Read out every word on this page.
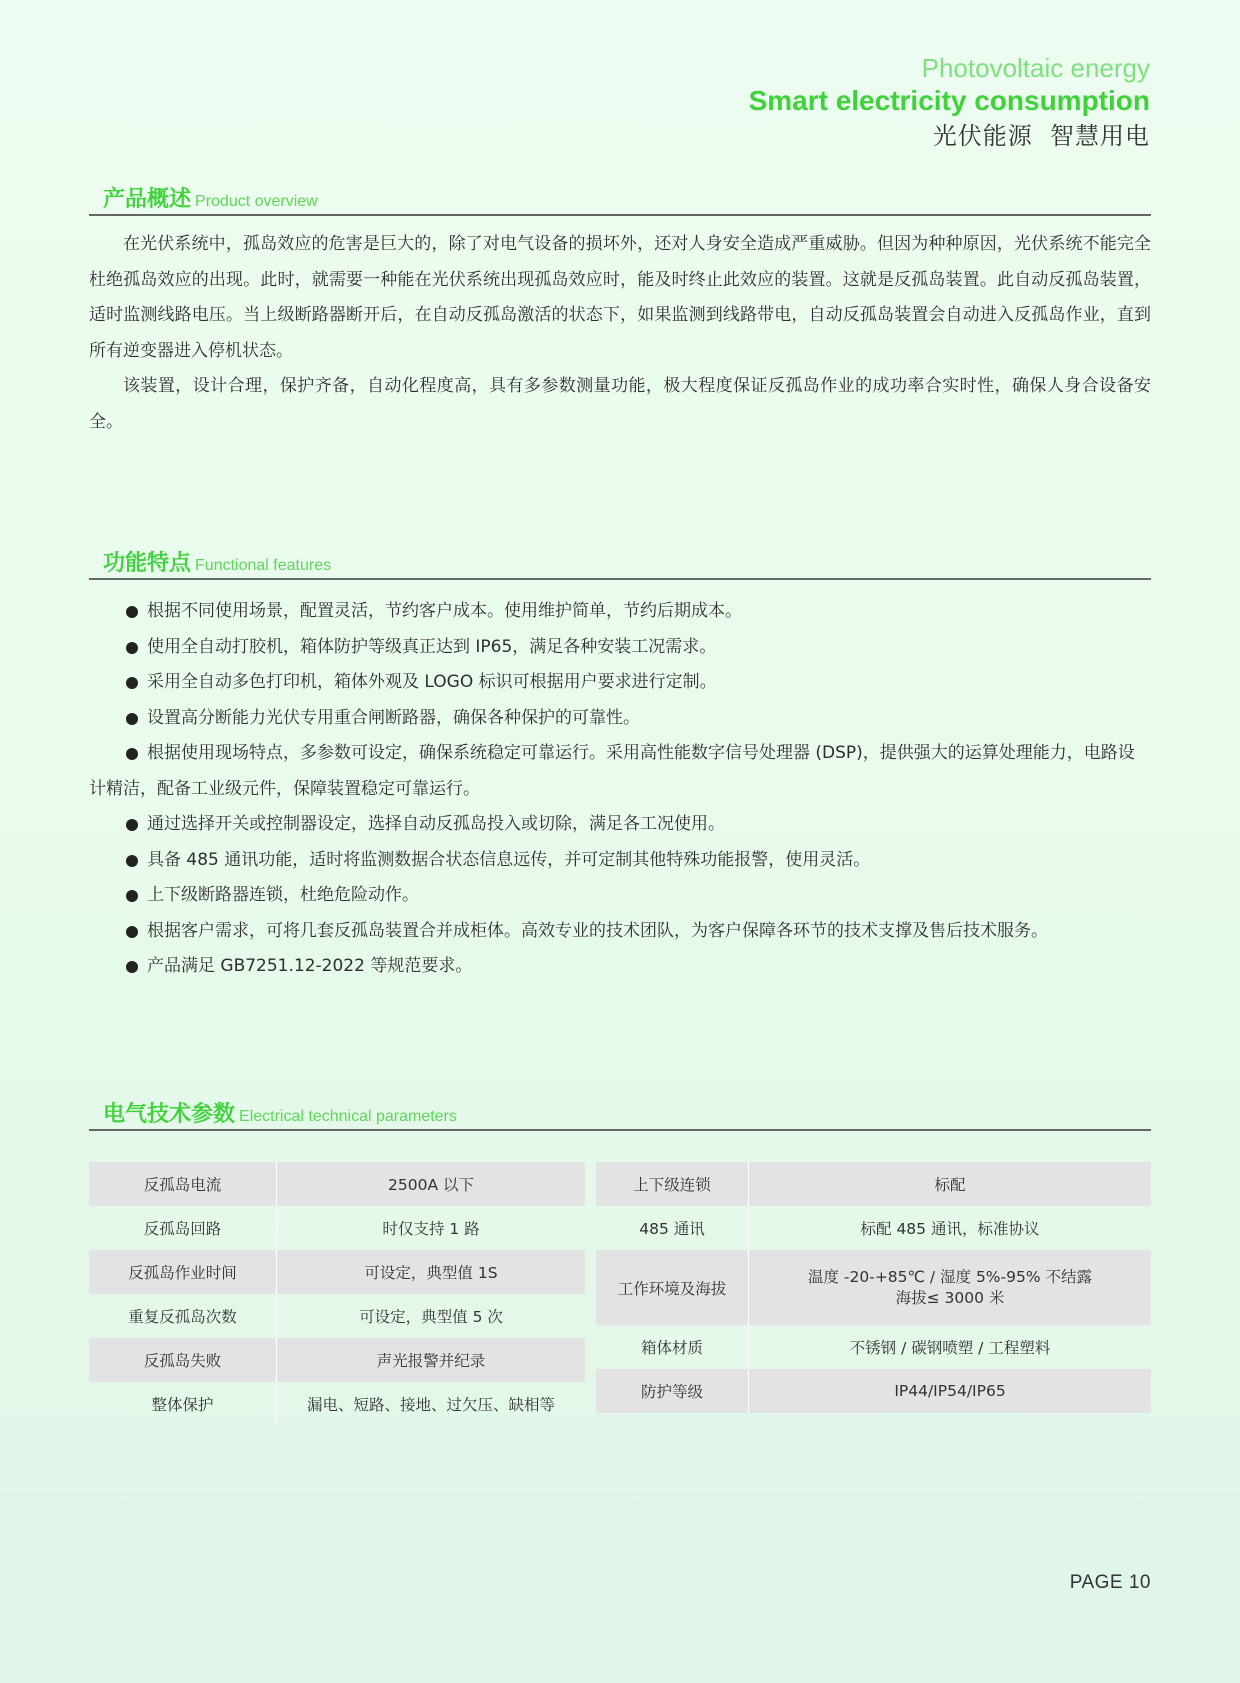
Photovoltaic energy
Smart electricity consumption
光伏能源  智慧用电
产品概述 Product overview

在光伏系统中，孤岛效应的危害是巨大的，除了对电气设备的损坏外，还对人身安全造成严重威胁。但因为种种原因，光伏系统不能完全杜绝孤岛效应的出现。此时，就需要一种能在光伏系统出现孤岛效应时，能及时终止此效应的装置。这就是反孤岛装置。此自动反孤岛装置，适时监测线路电压。当上级断路器断开后，在自动反孤岛激活的状态下，如果监测到线路带电，自动反孤岛装置会自动进入反孤岛作业，直到所有逆变器进入停机状态。

该装置，设计合理，保护齐备，自动化程度高，具有多参数测量功能，极大程度保证反孤岛作业的成功率合实时性，确保人身合设备安全。

功能特点 Functional features

根据不同使用场景，配置灵活，节约客户成本。使用维护简单，节约后期成本。

使用全自动打胶机，箱体防护等级真正达到 IP65，满足各种安装工况需求。

采用全自动多色打印机，箱体外观及 LOGO 标识可根据用户要求进行定制。

设置高分断能力光伏专用重合闸断路器，确保各种保护的可靠性。

根据使用现场特点，多参数可设定，确保系统稳定可靠运行。采用高性能数字信号处理器 (DSP)，提供强大的运算处理能力，电路设计精洁，配备工业级元件，保障装置稳定可靠运行。

通过选择开关或控制器设定，选择自动反孤岛投入或切除，满足各工况使用。

具备 485 通讯功能，适时将监测数据合状态信息远传，并可定制其他特殊功能报警，使用灵活。

上下级断路器连锁，杜绝危险动作。

根据客户需求，可将几套反孤岛装置合并成柜体。高效专业的技术团队，为客户保障各环节的技术支撑及售后技术服务。

产品满足 GB7251.12-2022 等规范要求。

电气技术参数 Electrical technical parameters
反孤岛电流	2500A 以下
反孤岛回路	时仅支持 1 路
反孤岛作业时间	可设定，典型值 1S
重复反孤岛次数	可设定，典型值 5 次
反孤岛失败	声光报警并纪录
整体保护	漏电、短路、接地、过欠压、缺相等
上下级连锁	标配
485 通讯	标配 485 通讯，标准协议
工作环境及海拔	温度 -20-+85℃ / 湿度 5%-95% 不结露
海拔≤ 3000 米

箱体材质	不锈钢 / 碳钢喷塑 / 工程塑料
防护等级	IP44/IP54/IP65
PAGE 10
